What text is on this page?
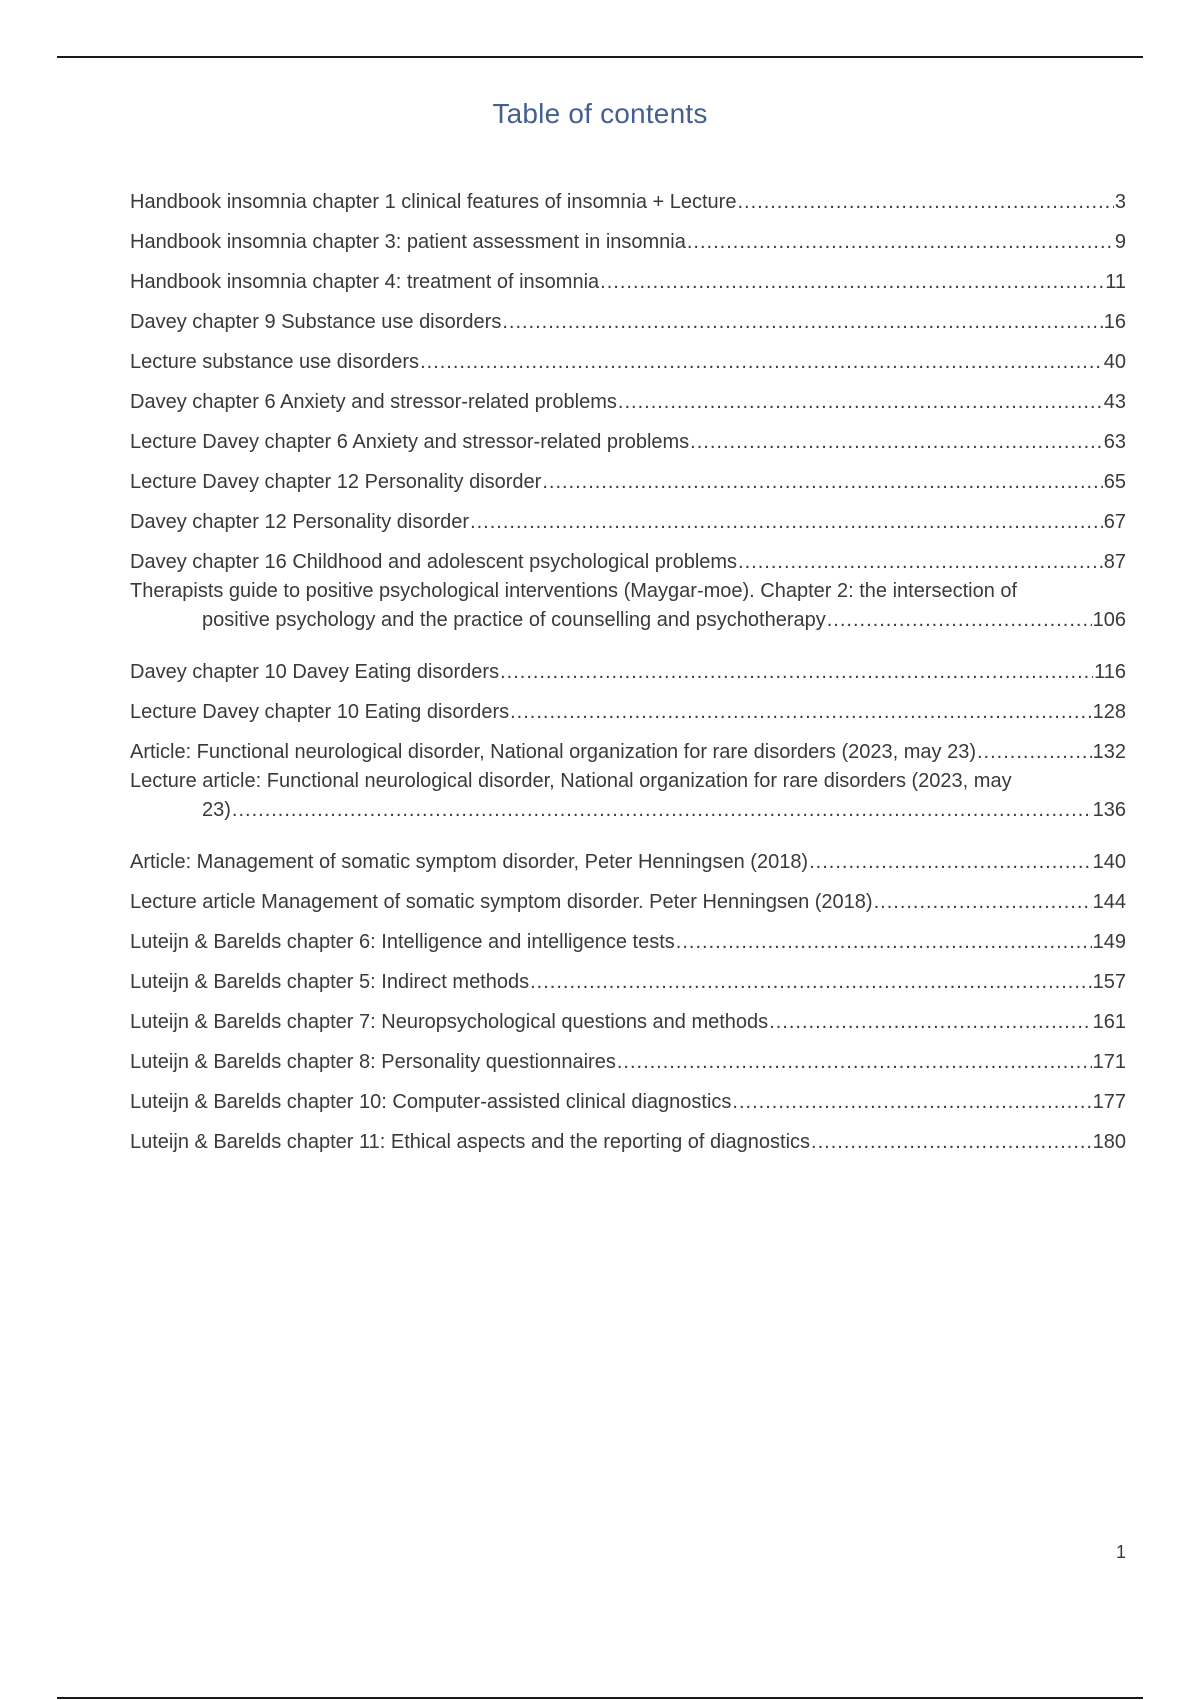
Table of contents
Handbook insomnia chapter 1 clinical features of insomnia + Lecture .....	3
Handbook insomnia chapter 3: patient assessment in insomnia .....	9
Handbook insomnia chapter 4: treatment of insomnia .....	11
Davey chapter 9 Substance use disorders .....	16
Lecture substance use disorders .....	40
Davey chapter 6 Anxiety and stressor-related problems .....	43
Lecture Davey chapter 6 Anxiety and stressor-related problems .....	63
Lecture Davey chapter 12 Personality disorder .....	65
Davey chapter 12 Personality disorder .....	67
Davey chapter 16 Childhood and adolescent psychological problems .....	87
Therapists guide to positive psychological interventions (Maygar-moe). Chapter 2: the intersection of
positive psychology and the practice of counselling and psychotherapy .....	106
Davey chapter 10 Davey Eating disorders .....	116
Lecture Davey chapter 10 Eating disorders .....	128
Article: Functional neurological disorder, National organization for rare disorders (2023, may 23) .....	132
Lecture article: Functional neurological disorder, National organization for rare disorders (2023, may
23) .....	136
Article: Management of somatic symptom disorder, Peter Henningsen (2018) .....	140
Lecture article Management of somatic symptom disorder. Peter Henningsen (2018) .....	144
Luteijn & Barelds chapter 6: Intelligence and intelligence tests .....	149
Luteijn & Barelds chapter 5: Indirect methods .....	157
Luteijn & Barelds chapter 7: Neuropsychological questions and methods .....	161
Luteijn & Barelds chapter 8: Personality questionnaires .....	171
Luteijn & Barelds chapter 10: Computer-assisted clinical diagnostics .....	177
Luteijn & Barelds chapter 11: Ethical aspects and the reporting of diagnostics .....	180
1
